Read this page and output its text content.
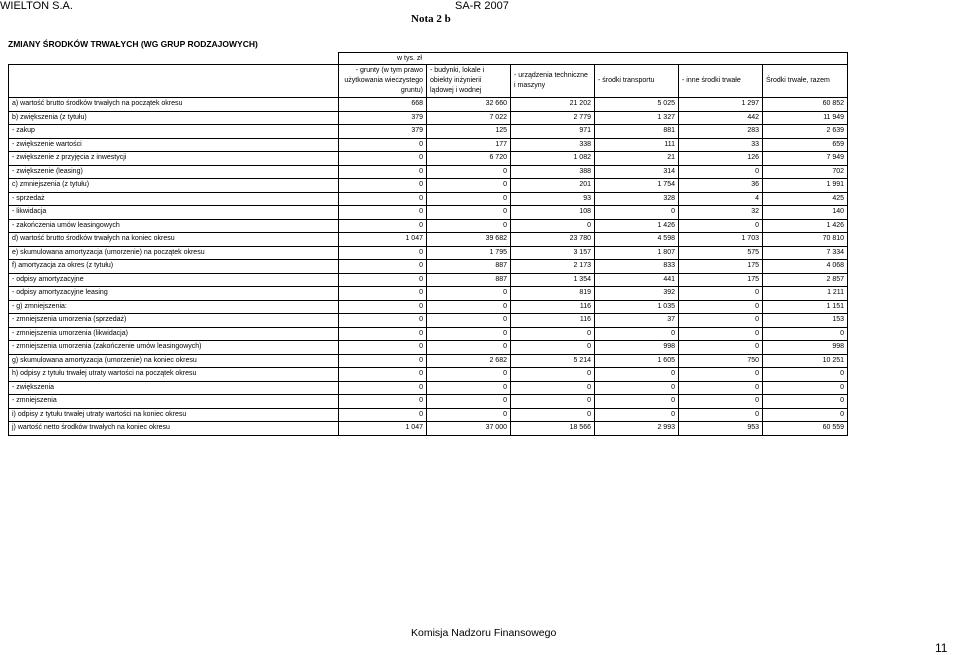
WIELTON S.A.	SA-R 2007
Nota 2 b
ZMIANY ŚRODKÓW TRWAŁYCH (WG GRUP RODZAJOWYCH)
	w tys. zł					
	- grunty (w tym prawo użytkowania wieczystego gruntu)	- budynki, lokale i obiekty inżynierii lądowej i wodnej	- urządzenia techniczne i maszyny	- środki transportu	- inne środki trwałe	Środki trwałe, razem
a) wartość brutto środków trwałych na początek okresu	668	32 660	21 202	5 025	1 297	60 852
b) zwiększenia (z tytułu)	379	7 022	2 779	1 327	442	11 949
- zakup	379	125	971	881	283	2 639
- zwiększenie wartości	0	177	338	111	33	659
- zwiększenie z przyjęcia z inwestycji	0	6 720	1 082	21	126	7 949
- zwiększenie (leasing)	0	0	388	314	0	702
c) zmniejszenia (z tytułu)	0	0	201	1 754	36	1 991
- sprzedaż	0	0	93	328	4	425
- likwidacja	0	0	108	0	32	140
- zakończenia umów leasingowych	0	0	0	1 426	0	1 426
d) wartość brutto środków trwałych na koniec okresu	1 047	39 682	23 780	4 598	1 703	70 810
e) skumulowana amortyzacja (umorzenie) na początek okresu	0	1 795	3 157	1 807	575	7 334
f) amortyzacja za okres (z tytułu)	0	887	2 173	833	175	4 068
- odpisy amortyzacyjne	0	887	1 354	441	175	2 857
- odpisy amortyzacyjne leasing	0	0	819	392	0	1 211
- g) zmniejszenia:	0	0	116	1 035	0	1 151
- zmniejszenia umorzenia (sprzedaż)	0	0	116	37	0	153
- zmniejszenia umorzenia (likwidacja)	0	0	0	0	0	0
- zmniejszenia umorzenia (zakończenie umów leasingowych)	0	0	0	998	0	998
g) skumulowana amortyzacja (umorzenie) na koniec okresu	0	2 682	5 214	1 605	750	10 251
h) odpisy z tytułu trwałej utraty wartości na początek okresu	0	0	0	0	0	0
- zwiększenia	0	0	0	0	0	0
- zmniejszenia	0	0	0	0	0	0
i) odpisy z tytułu trwałej utraty wartości na koniec okresu	0	0	0	0	0	0
j) wartość netto środków trwałych na koniec okresu	1 047	37 000	18 566	2 993	953	60 559
Komisja Nadzoru Finansowego
11
